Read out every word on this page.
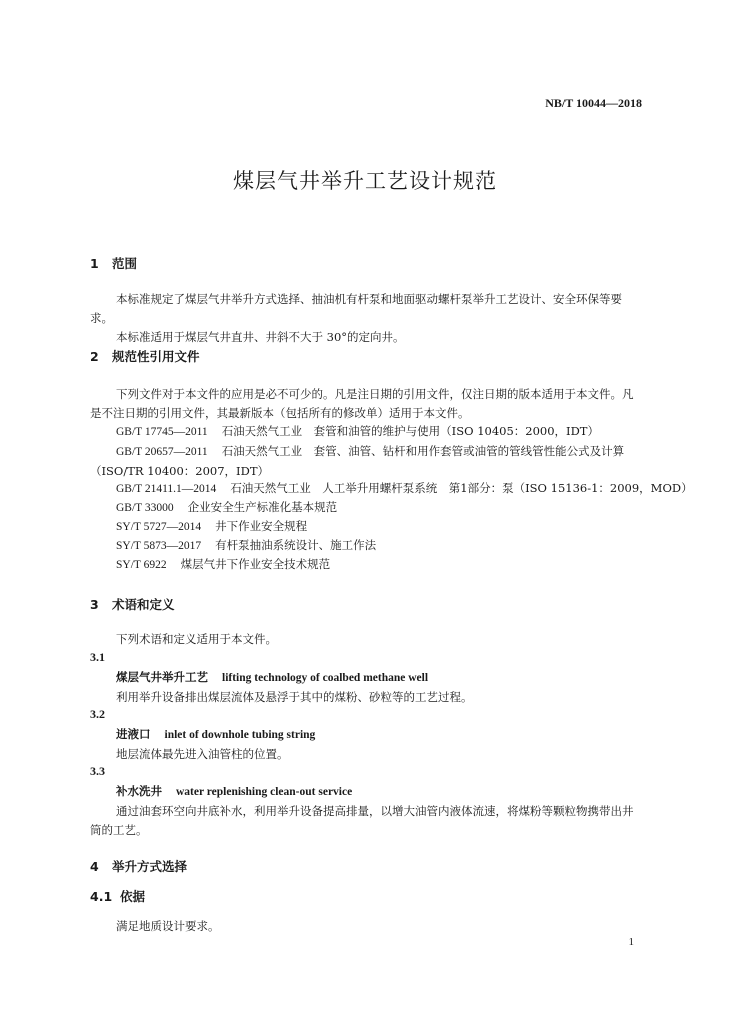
NB/T 10044—2018
煤层气井举升工艺设计规范
1 范围

本标准规定了煤层气井举升方式选择、抽油机有杆泵和地面驱动螺杆泵举升工艺设计、安全环保等要求。

本标准适用于煤层气井直井、井斜不大于 30°的定向井。

2 规范性引用文件

下列文件对于本文件的应用是必不可少的。凡是注日期的引用文件，仅注日期的版本适用于本文件。凡是不注日期的引用文件，其最新版本（包括所有的修改单）适用于本文件。

GB/T 17745—2011 石油天然气工业　套管和油管的维护与使用（ISO 10405：2000，IDT）

GB/T 20657—2011 石油天然气工业　套管、油管、钻杆和用作套管或油管的管线管性能公式及计算（ISO/TR 10400：2007，IDT）

GB/T 21411.1—2014 石油天然气工业　人工举升用螺杆泵系统　第1部分：泵（ISO 15136-1：2009，MOD）
GB/T 33000 企业安全生产标准化基本规范
SY/T 5727—2014 井下作业安全规程
SY/T 5873—2017 有杆泵抽油系统设计、施工作法
SY/T 6922 煤层气井下作业安全技术规范
3 术语和定义

下列术语和定义适用于本文件。

3.1
煤层气井举升工艺 lifting technology of coalbed methane well

利用举升设备排出煤层流体及悬浮于其中的煤粉、砂粒等的工艺过程。

3.2
进液口 inlet of downhole tubing string

地层流体最先进入油管柱的位置。

3.3
补水洗井 water replenishing clean-out service

通过油套环空向井底补水，利用举升设备提高排量，以增大油管内液体流速，将煤粉等颗粒物携带出井筒的工艺。

4 举升方式选择
4.1 依据

满足地质设计要求。

1
